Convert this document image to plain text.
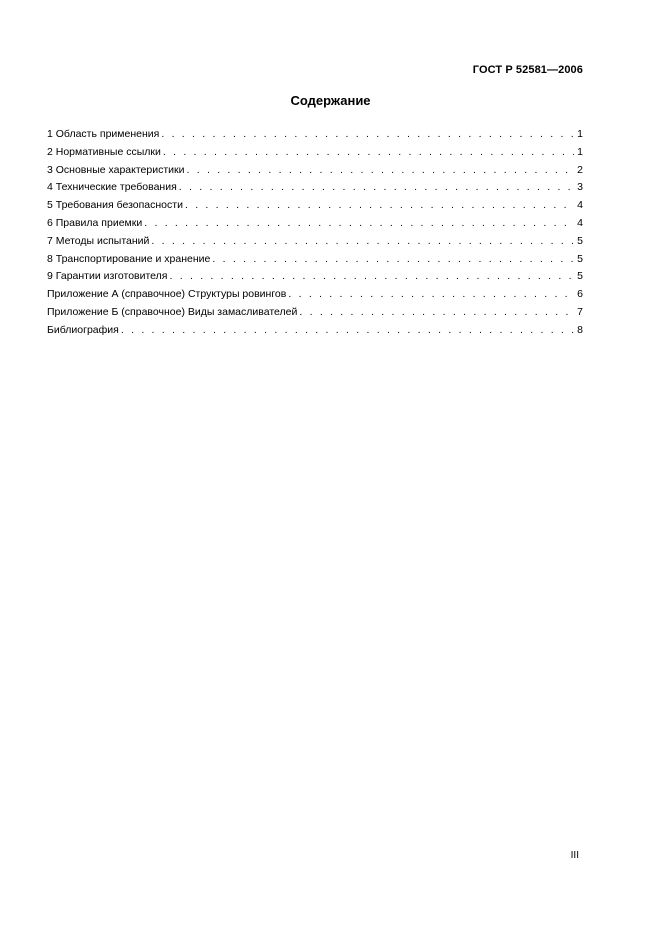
ГОСТ Р 52581—2006
Содержание
1 Область применения . . .	1
2 Нормативные ссылки . . .	1
3 Основные характеристики . . .	2
4 Технические требования . . .	3
5 Требования безопасности . . .	4
6 Правила приемки . . .	4
7 Методы испытаний . . .	5
8 Транспортирование и хранение . . .	5
9 Гарантии изготовителя . . .	5
Приложение А (справочное) Структуры ровингов . . .	6
Приложение Б (справочное) Виды замасливателей . . .	7
Библиография . . .	8
III
